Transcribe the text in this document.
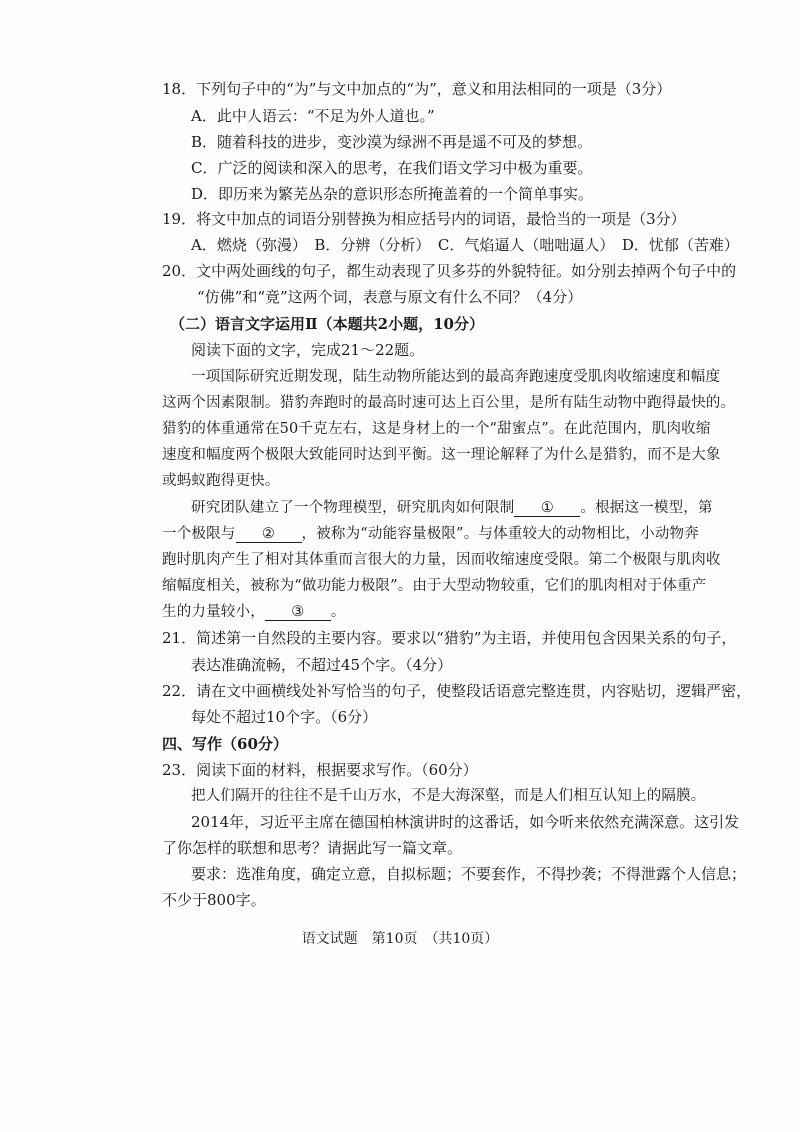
18．下列句子中的“为”与文中加点的“为”，意义和用法相同的一项是（3分）
A．此中人语云：“不足为外人道也。”
B．随着科技的进步，变沙漠为绿洲不再是遥不可及的梦想。
C．广泛的阅读和深入的思考，在我们语文学习中极为重要。
D．即历来为繁芜丛杂的意识形态所掩盖着的一个简单事实。
19．将文中加点的词语分别替换为相应括号内的词语，最恰当的一项是（3分）
A．燃烧（弥漫）　B．分辨（分析）　C．气焰逼人（咄咄逼人）　D．忧郁（苦难）
20．文中两处画线的句子，都生动表现了贝多芬的外貌特征。如分别去掉两个句子中的
“仿佛”和“竟”这两个词，表意与原文有什么不同？（4分）
（二）语言文字运用Ⅱ（本题共2小题，10分）
阅读下面的文字，完成21～22题。
一项国际研究近期发现，陆生动物所能达到的最高奔跑速度受肌肉收缩速度和幅度
这两个因素限制。猎豹奔跑时的最高时速可达上百公里，是所有陆生动物中跑得最快的。
猎豹的体重通常在50千克左右，这是身材上的一个“甜蜜点”。在此范围内，肌肉收缩
速度和幅度两个极限大致能同时达到平衡。这一理论解释了为什么是猎豹，而不是大象
或蚂蚁跑得更快。
研究团队建立了一个物理模型，研究肌肉如何限制 ① 。根据这一模型，第
一个极限与 ② ，被称为“动能容量极限”。与体重较大的动物相比，小动物奔
跑时肌肉产生了相对其体重而言很大的力量，因而收缩速度受限。第二个极限与肌肉收
缩幅度相关，被称为“做功能力极限”。由于大型动物较重，它们的肌肉相对于体重产
生的力量较小， ③ 。
21．简述第一自然段的主要内容。要求以“猎豹”为主语，并使用包含因果关系的句子，
表达准确流畅，不超过45个字。（4分）
22．请在文中画横线处补写恰当的句子，使整段话语意完整连贯，内容贴切，逻辑严密，
每处不超过10个字。（6分）
四、写作（60分）
23．阅读下面的材料，根据要求写作。（60分）
把人们隔开的往往不是千山万水，不是大海深壑，而是人们相互认知上的隔膜。
2014年，习近平主席在德国柏林演讲时的这番话，如今听来依然充满深意。这引发
了你怎样的联想和思考？请据此写一篇文章。
要求：选准角度，确定立意，自拟标题；不要套作，不得抄袭；不得泄露个人信息；
不少于800字。
语文试题　第10页　（共10页）
